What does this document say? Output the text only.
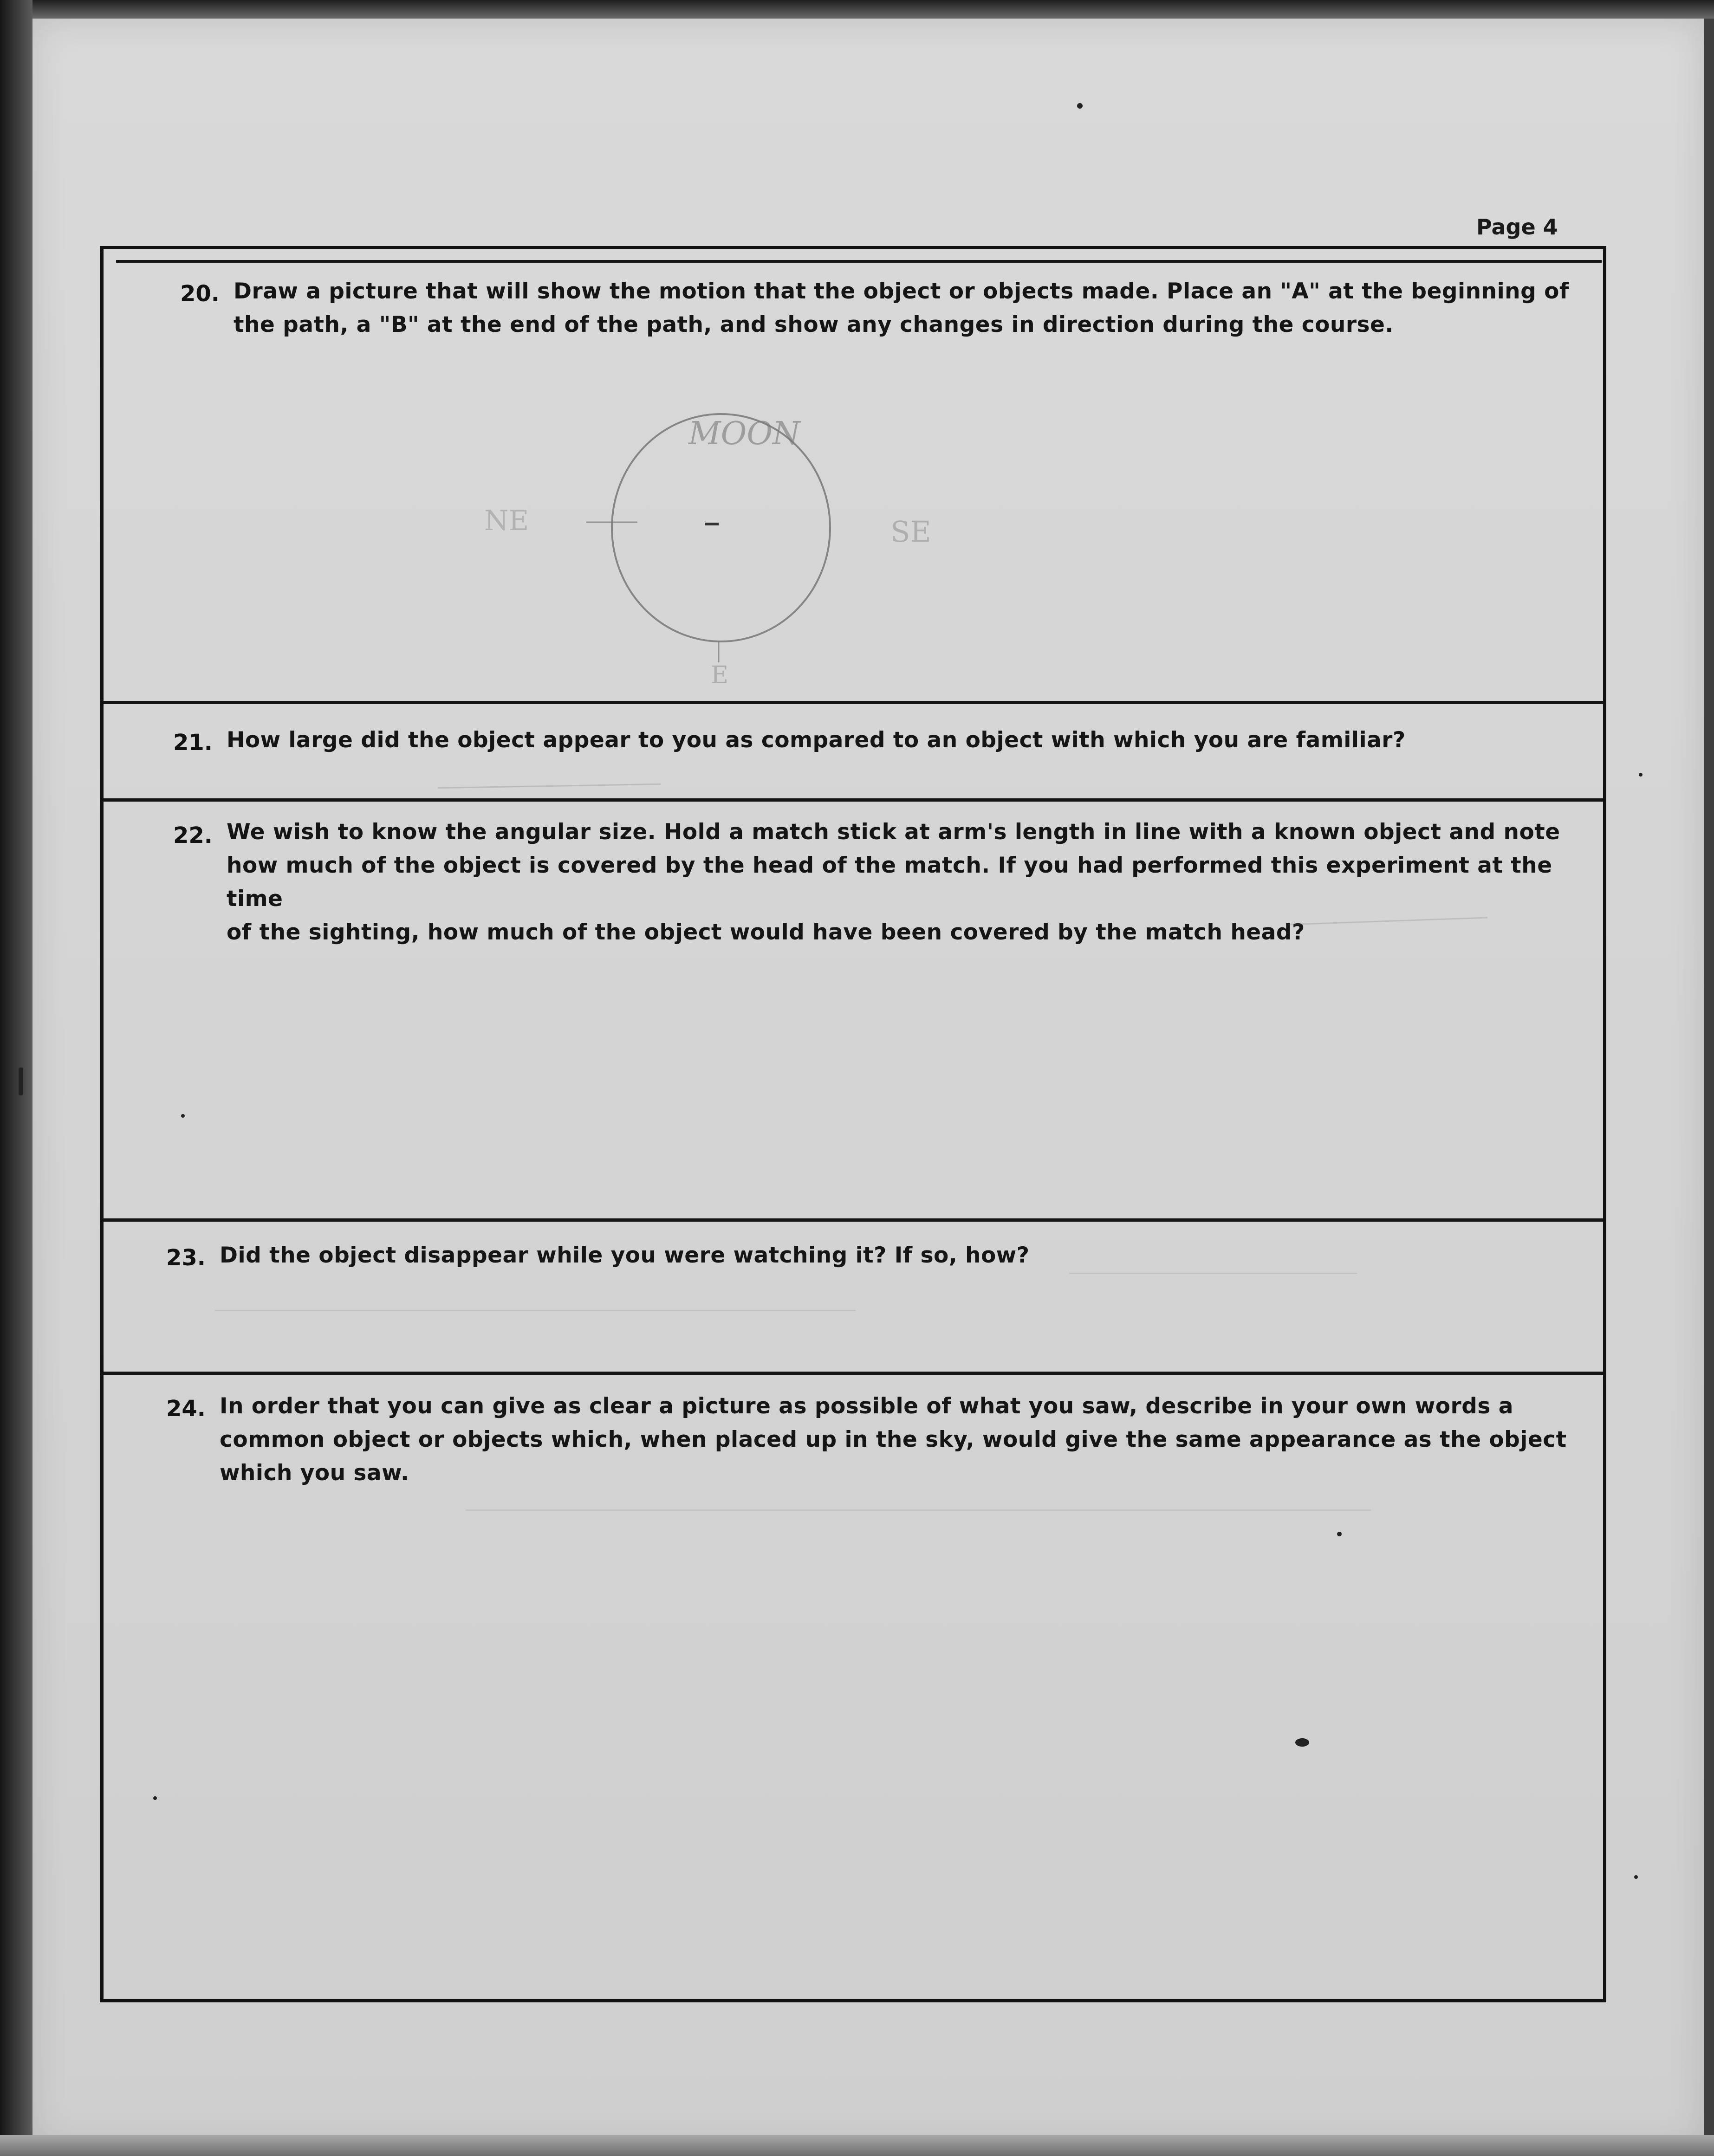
Page 4
20. Draw a picture that will show the motion that the object or objects made. Place an "A" at the beginning of
the path, a "B" at the end of the path, and show any changes in direction during the course.
MOON
NE	SE
E
21. How large did the object appear to you as compared to an object with which you are familiar?
22. We wish to know the angular size. Hold a match stick at arm's length in line with a known object and note
how much of the object is covered by the head of the match. If you had performed this experiment at the time
of the sighting, how much of the object would have been covered by the match head?
23. Did the object disappear while you were watching it? If so, how?
24. In order that you can give as clear a picture as possible of what you saw, describe in your own words a
common object or objects which, when placed up in the sky, would give the same appearance as the object
which you saw.
